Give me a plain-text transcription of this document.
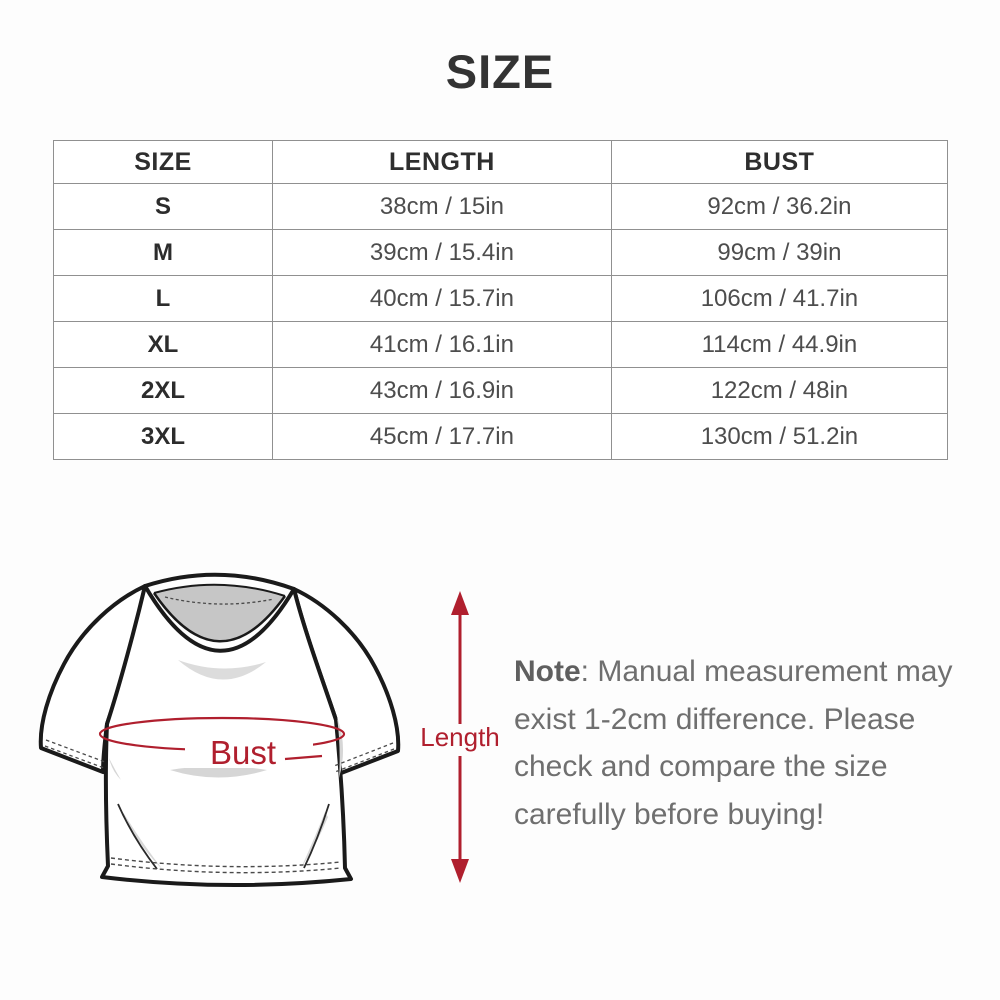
SIZE
SIZE	LENGTH	BUST
S	38cm / 15in	92cm / 36.2in
M	39cm / 15.4in	99cm / 39in
L	40cm / 15.7in	106cm / 41.7in
XL	41cm / 16.1in	114cm / 44.9in
2XL	43cm / 16.9in	122cm / 48in
3XL	45cm / 17.7in	130cm / 51.2in
Bust	Length
Note: Manual measurement may
exist 1-2cm difference. Please
check and compare the size
carefully before buying!
